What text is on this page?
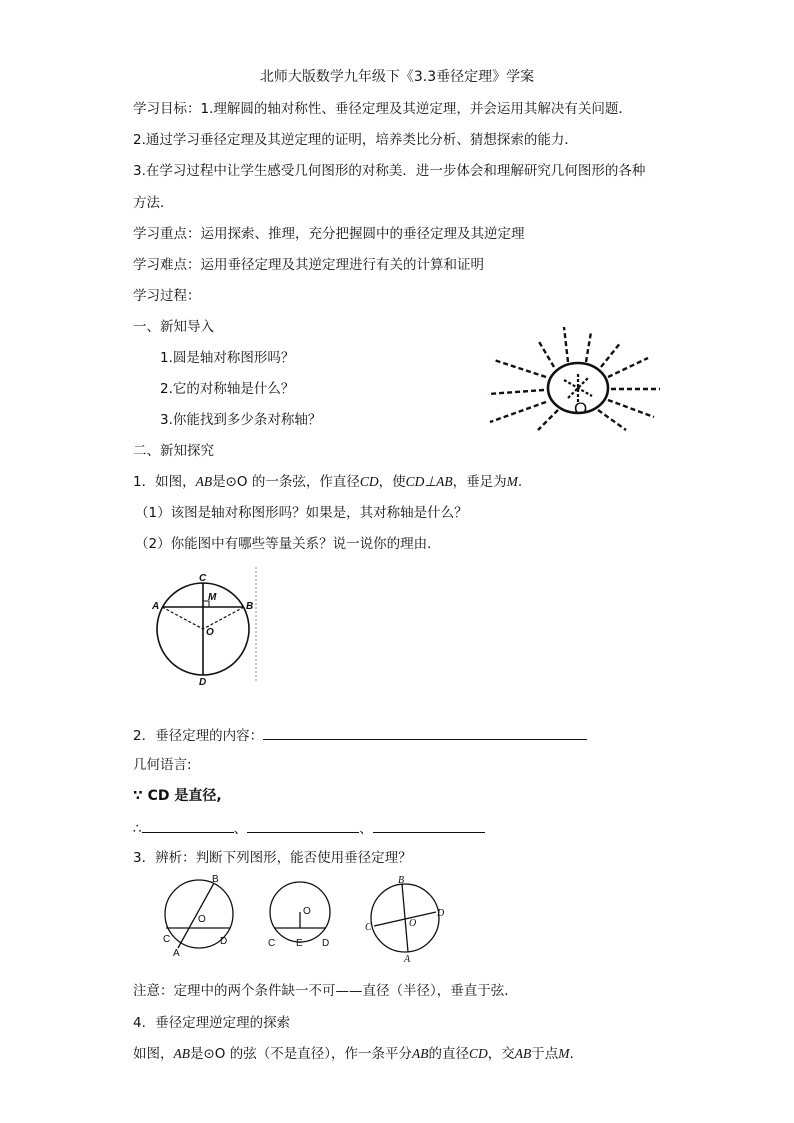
北师大版数学九年级下《3.3垂径定理》学案
学习目标：1.理解圆的轴对称性、垂径定理及其逆定理，并会运用其解决有关问题．
2.通过学习垂径定理及其逆定理的证明，培养类比分析、猜想探索的能力．
3.在学习过程中让学生感受几何图形的对称美．进一步体会和理解研究几何图形的各种
方法．
学习重点：运用探索、推理，充分把握圆中的垂径定理及其逆定理
学习难点：运用垂径定理及其逆定理进行有关的计算和证明
学习过程：
一、新知导入
1.圆是轴对称图形吗？
2.它的对称轴是什么？
3.你能找到多少条对称轴？
O
二、新知探究
1．如图，AB是⊙O 的一条弦，作直径CD，使CD⊥AB，垂足为M.
（1）该图是轴对称图形吗？如果是，其对称轴是什么？
（2）你能图中有哪些等量关系？说一说你的理由．
C
M
A	B
O
D
2．垂径定理的内容：
几何语言:
∵ CD 是直径,
∴	、	、
3．辨析：判断下列图形，能否使用垂径定理？
B
O
C	D
A
O
C E D
B
D
C	O
A
注意：定理中的两个条件缺一不可——直径（半径），垂直于弦．
4．垂径定理逆定理的探索
如图，AB是⊙O 的弦（不是直径），作一条平分AB的直径CD，交AB于点M.
